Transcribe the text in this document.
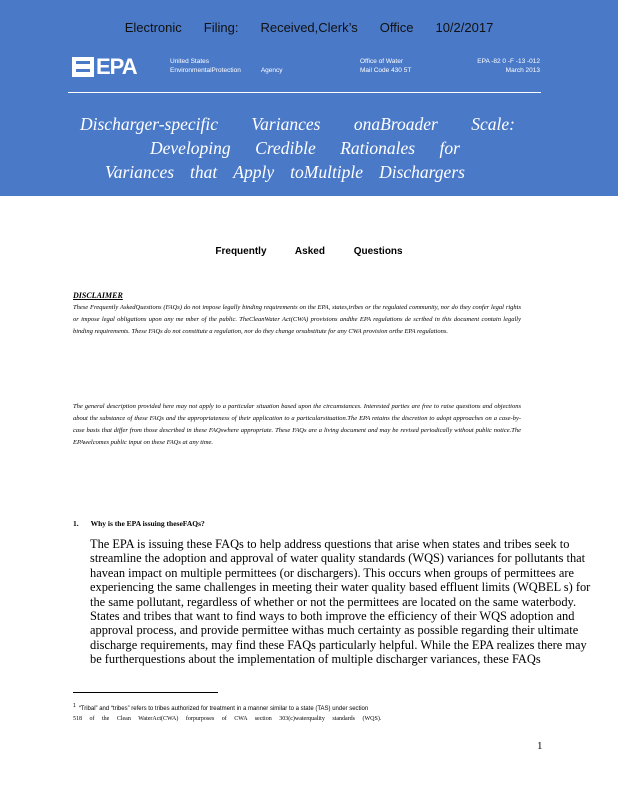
Electronic Filing: Received,Clerk’s Office 10/2/2017
EPA	United States
EnvironmentalProtection	Agency
Office of Water
Mail Code 430 5T
EPA -82 0 -F -13 -012
March 2013
Discharger-specific Variances onaBroader Scale:
Developing Credible Rationales for
Variances that Apply toMultiple Dischargers
Frequently Asked Questions
DISCLAIMER
These Frequently AskedQuestions (FAQs) do not impose legally binding requirements on the EPA, states,tribes or the regulated community, nor do they confer legal rights or impose legal obligations upon any me mber of the public. TheCleanWater Act(CWA) provisions andthe EPA regulations de scribed in this document contain legally binding requirements. These FAQs do not constitute a regulation, nor do they change orsubstitute for any CWA provision orthe EPA regulations.
The general description provided here may not apply to a particular situation based upon the circumstances. Interested parties are free to raise questions and objections about the substance of these FAQs and the appropriateness of their application to a particularsituation.The EPA retains the discretion to adopt approaches on a case-by-case basis that differ from those described in these FAQswhere appropriate. These FAQs are a living document and may be revised periodically without public notice.The EPAwelcomes public input on these FAQs at any time.
1. Why is the EPA issuing theseFAQs?
The EPA is issuing these FAQs to help address questions that arise when states and tribes seek to streamline the adoption and approval of water quality standards (WQS) variances for pollutants that havean impact on multiple permittees (or dischargers). This occurs when groups of permittees are experiencing the same challenges in meeting their water quality based effluent limits (WQBEL s) for the same pollutant, regardless of whether or not the permittees are located on the same waterbody. States and tribes that want to find ways to both improve the efficiency of their WQS adoption and approval process, and provide permittee withas much certainty as possible regarding their ultimate discharge requirements, may find these FAQs particularly helpful. While the EPA realizes there may be furtherquestions about the implementation of multiple discharger variances, these FAQs
$^1$ “Tribal” and “tribes” refers to tribes authorized for treatment in a manner similar to a state (TAS) under section
518 of the Clean WaterAct(CWA) forpurposes of CWA section 303(c)waterquality standards (WQS).
1
